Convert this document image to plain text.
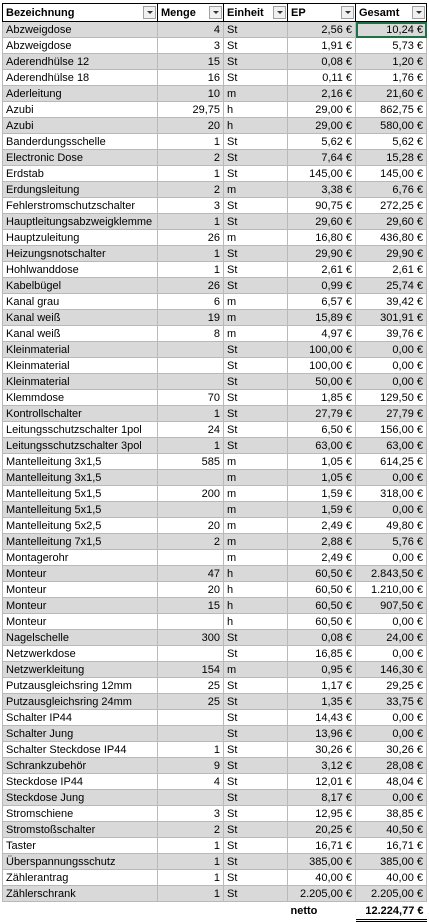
Bezeichnung	Menge	Einheit	EP	Gesamt

Abzweigdose	4	St	2,56 €	10,24 €
Abzweigdose	3	St	1,91 €	5,73 €
Aderendhülse 12	15	St	0,08 €	1,20 €
Aderendhülse 18	16	St	0,11 €	1,76 €
Aderleitung	10	m	2,16 €	21,60 €
Azubi	29,75	h	29,00 €	862,75 €
Azubi	20	h	29,00 €	580,00 €
Banderdungsschelle	1	St	5,62 €	5,62 €
Electronic Dose	2	St	7,64 €	15,28 €
Erdstab	1	St	145,00 €	145,00 €
Erdungsleitung	2	m	3,38 €	6,76 €
Fehlerstromschutzschalter	3	St	90,75 €	272,25 €
Hauptleitungsabzweigklemme	1	St	29,60 €	29,60 €
Hauptzuleitung	26	m	16,80 €	436,80 €
Heizungsnotschalter	1	St	29,90 €	29,90 €
Hohlwanddose	1	St	2,61 €	2,61 €
Kabelbügel	26	St	0,99 €	25,74 €
Kanal grau	6	m	6,57 €	39,42 €
Kanal weiß	19	m	15,89 €	301,91 €
Kanal weiß	8	m	4,97 €	39,76 €
Kleinmaterial		St	100,00 €	0,00 €
Kleinmaterial		St	100,00 €	0,00 €
Kleinmaterial		St	50,00 €	0,00 €
Klemmdose	70	St	1,85 €	129,50 €
Kontrollschalter	1	St	27,79 €	27,79 €
Leitungsschutzschalter 1pol	24	St	6,50 €	156,00 €
Leitungsschutzschalter 3pol	1	St	63,00 €	63,00 €
Mantelleitung 3x1,5	585	m	1,05 €	614,25 €
Mantelleitung 3x1,5		m	1,05 €	0,00 €
Mantelleitung 5x1,5	200	m	1,59 €	318,00 €
Mantelleitung 5x1,5		m	1,59 €	0,00 €
Mantelleitung 5x2,5	20	m	2,49 €	49,80 €
Mantelleitung 7x1,5	2	m	2,88 €	5,76 €
Montagerohr		m	2,49 €	0,00 €
Monteur	47	h	60,50 €	2.843,50 €
Monteur	20	h	60,50 €	1.210,00 €
Monteur	15	h	60,50 €	907,50 €
Monteur		h	60,50 €	0,00 €
Nagelschelle	300	St	0,08 €	24,00 €
Netzwerkdose		St	16,85 €	0,00 €
Netzwerkleitung	154	m	0,95 €	146,30 €
Putzausgleichsring 12mm	25	St	1,17 €	29,25 €
Putzausgleichsring 24mm	25	St	1,35 €	33,75 €
Schalter IP44		St	14,43 €	0,00 €
Schalter Jung		St	13,96 €	0,00 €
Schalter Steckdose IP44	1	St	30,26 €	30,26 €
Schrankzubehör	9	St	3,12 €	28,08 €
Steckdose IP44	4	St	12,01 €	48,04 €
Steckdose Jung		St	8,17 €	0,00 €
Stromschiene	3	St	12,95 €	38,85 €
Stromstoßschalter	2	St	20,25 €	40,50 €
Taster	1	St	16,71 €	16,71 €
Überspannungsschutz	1	St	385,00 €	385,00 €
Zählerantrag	1	St	40,00 €	40,00 €
Zählerschrank	1	St	2.205,00 €	2.205,00 €
			netto	12.224,77 €
